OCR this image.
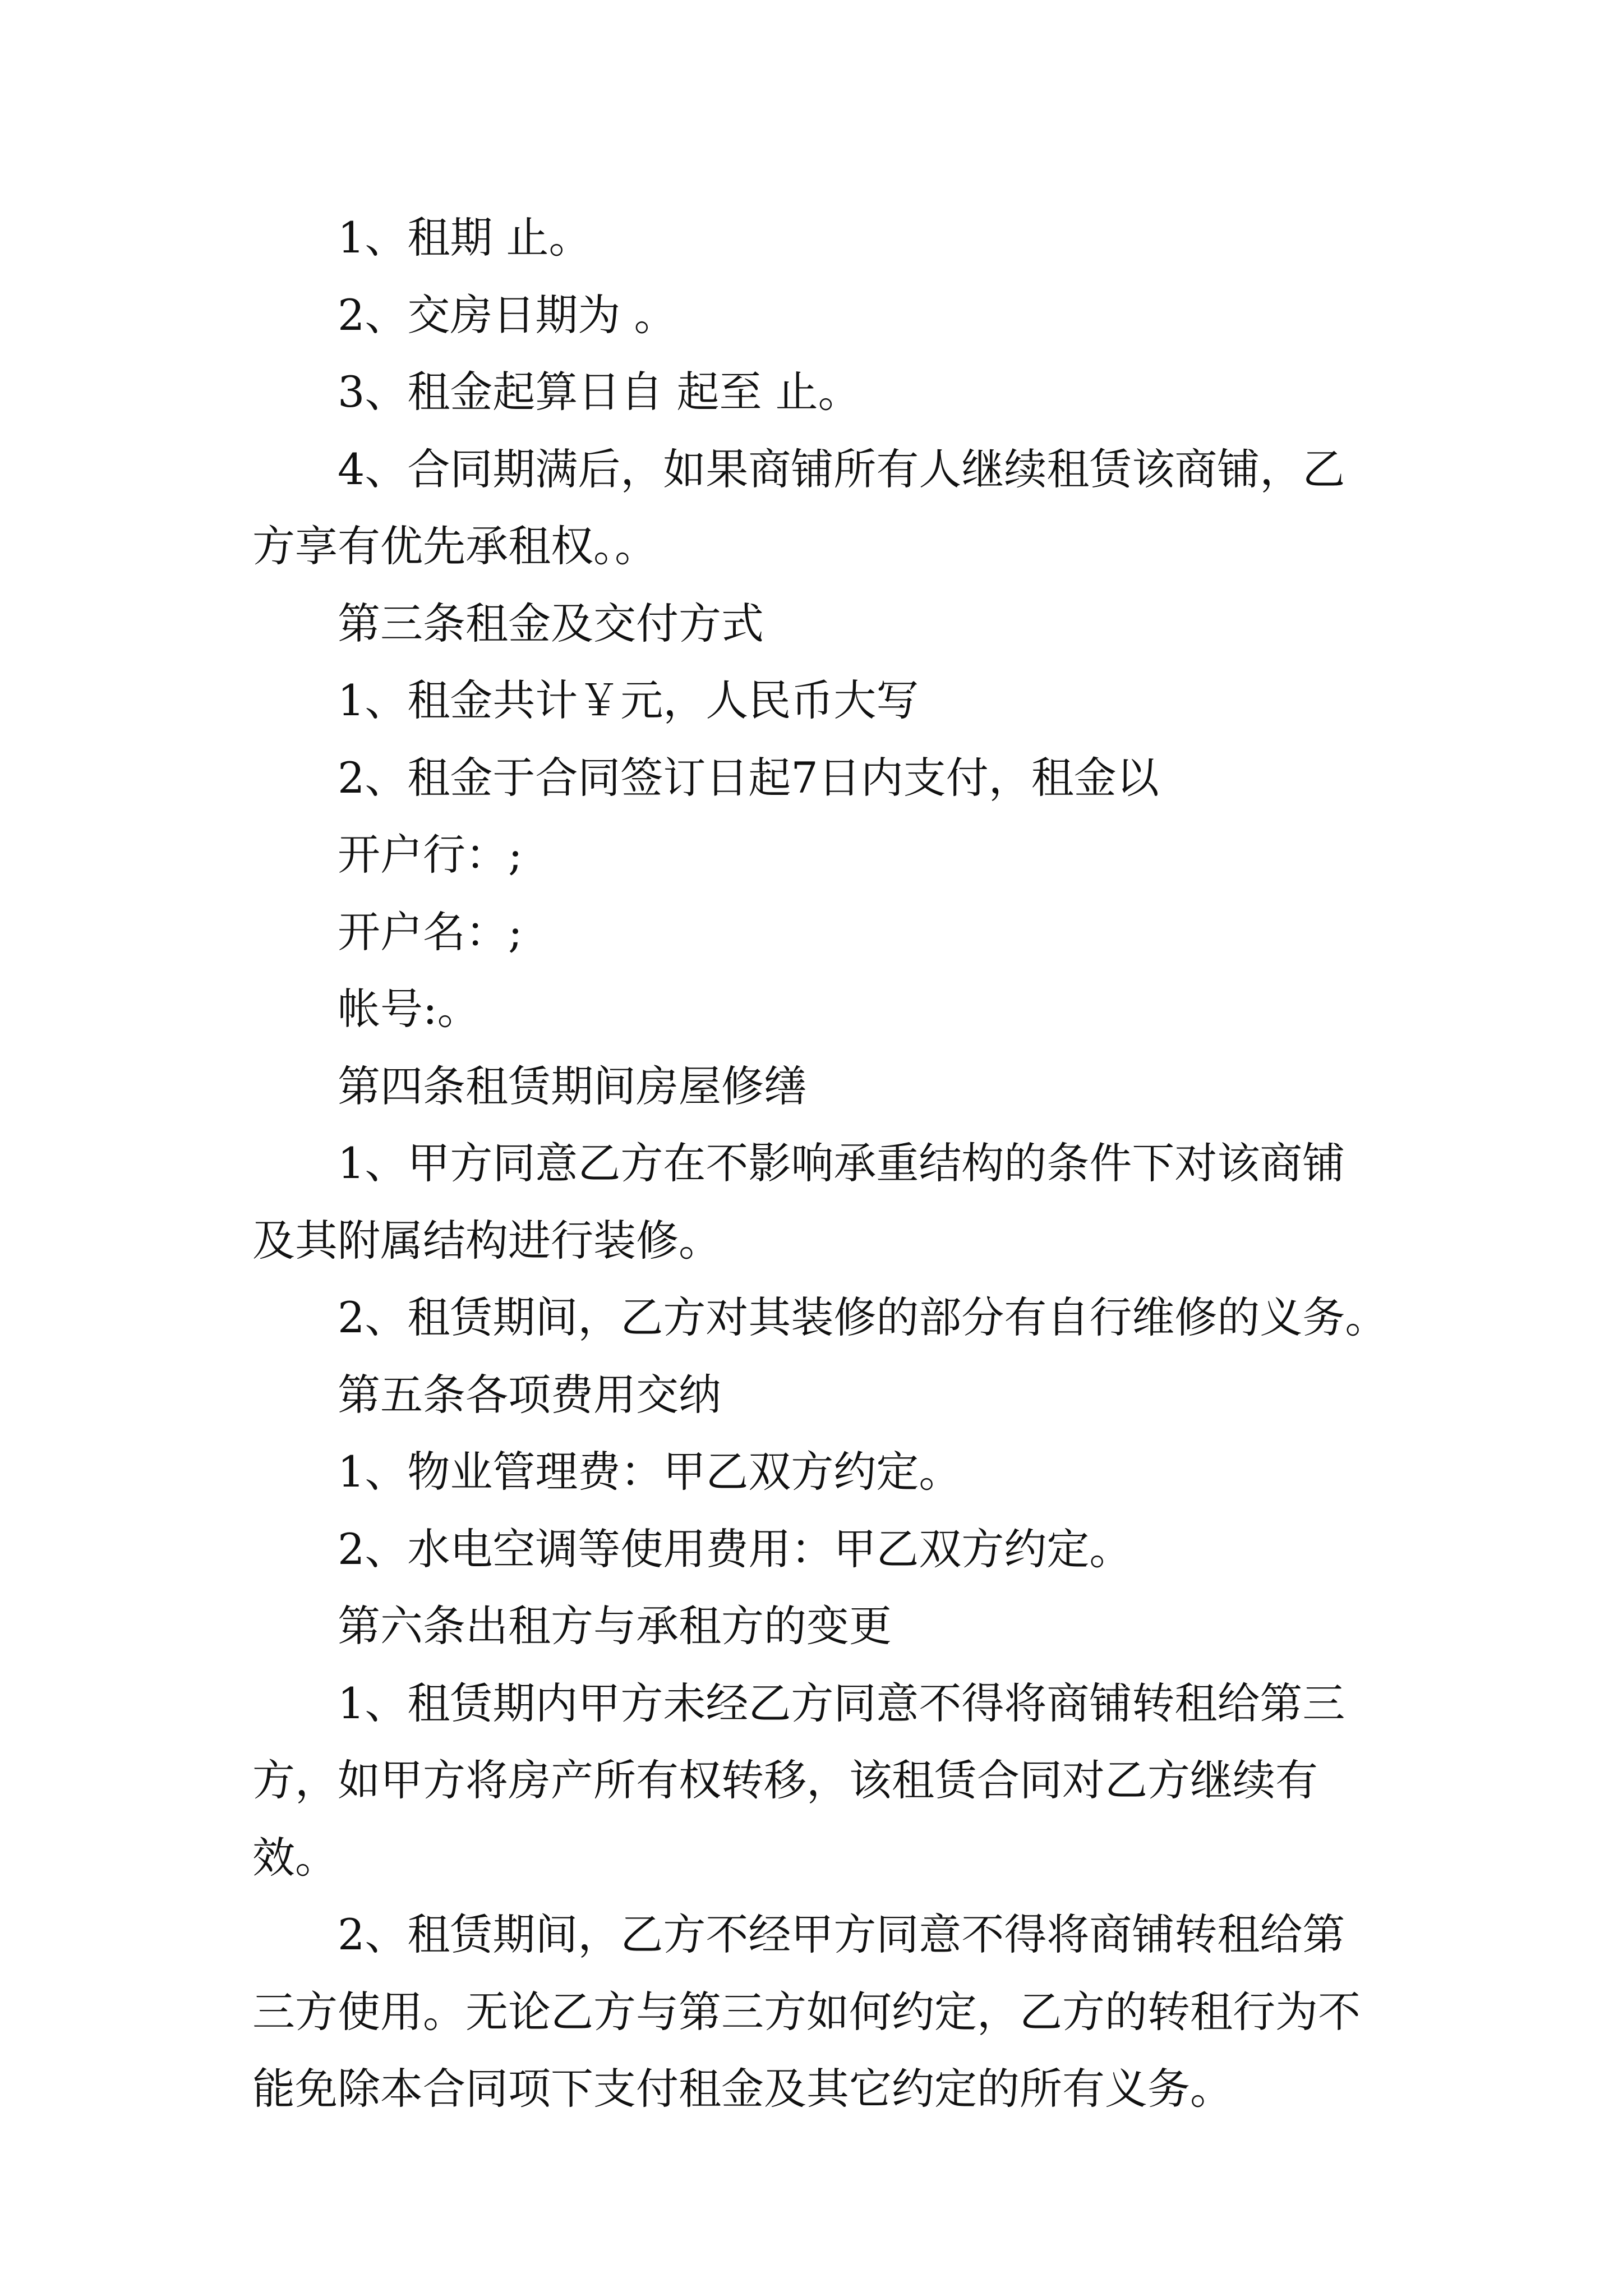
1、租期 止。

2、交房日期为 。

3、租金起算日自 起至 止。

4、合同期满后，如果商铺所有人继续租赁该商铺，乙方享有优先承租权。。

第三条租金及交付方式

1、租金共计￥元，人民币大写

2、租金于合同签订日起7日内支付，租金以

开户行：;

开户名：;

帐号:。

第四条租赁期间房屋修缮

1、甲方同意乙方在不影响承重结构的条件下对该商铺及其附属结构进行装修。

2、租赁期间，乙方对其装修的部分有自行维修的义务。

第五条各项费用交纳

1、物业管理费：甲乙双方约定。

2、水电空调等使用费用：甲乙双方约定。

第六条出租方与承租方的变更

1、租赁期内甲方未经乙方同意不得将商铺转租给第三方，如甲方将房产所有权转移，该租赁合同对乙方继续有效。

2、租赁期间，乙方不经甲方同意不得将商铺转租给第三方使用。无论乙方与第三方如何约定，乙方的转租行为不能免除本合同项下支付租金及其它约定的所有义务。
